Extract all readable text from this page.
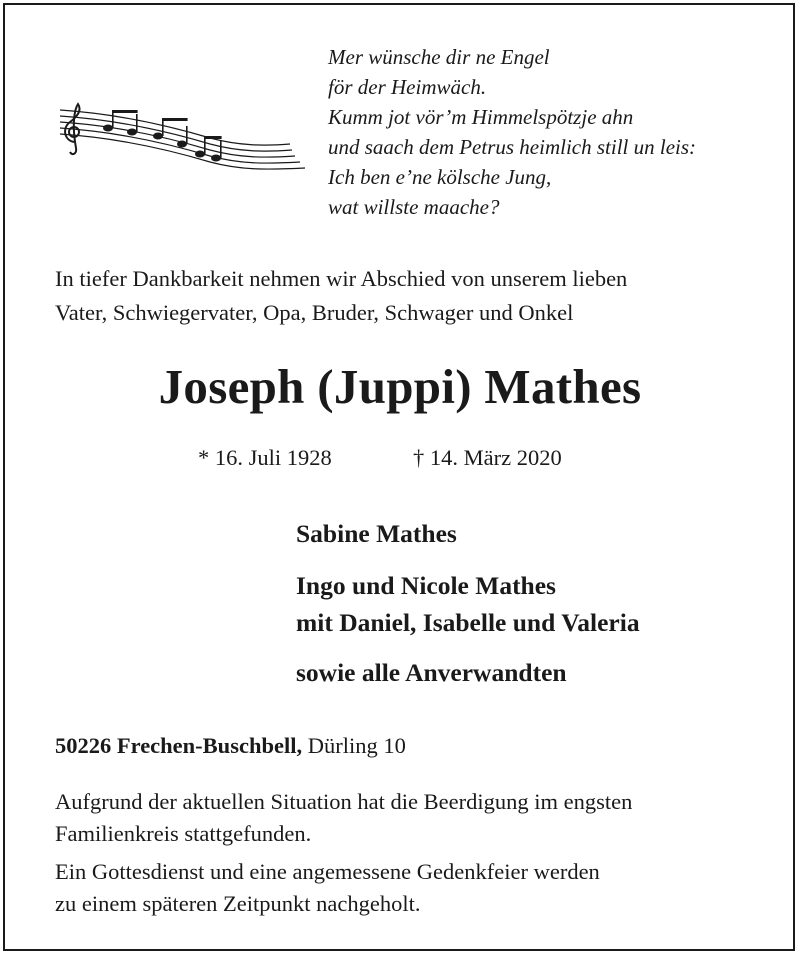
Mer wünsche dir ne Engel
för der Heimwäch.
Kumm jot vör’m Himmelspötzje ahn
und saach dem Petrus heimlich still un leis:
Ich ben e’ne kölsche Jung,
wat willste maache?
In tiefer Dankbarkeit nehmen wir Abschied von unserem lieben
Vater, Schwiegervater, Opa, Bruder, Schwager und Onkel
Joseph (Juppi) Mathes
* 16. Juli 1928	† 14. März 2020
Sabine Mathes
Ingo und Nicole Mathes
mit Daniel, Isabelle und Valeria
sowie alle Anverwandten
50226 Frechen-Buschbell, Dürling 10
Aufgrund der aktuellen Situation hat die Beerdigung im engsten
Familienkreis stattgefunden.
Ein Gottesdienst und eine angemessene Gedenkfeier werden
zu einem späteren Zeitpunkt nachgeholt.
